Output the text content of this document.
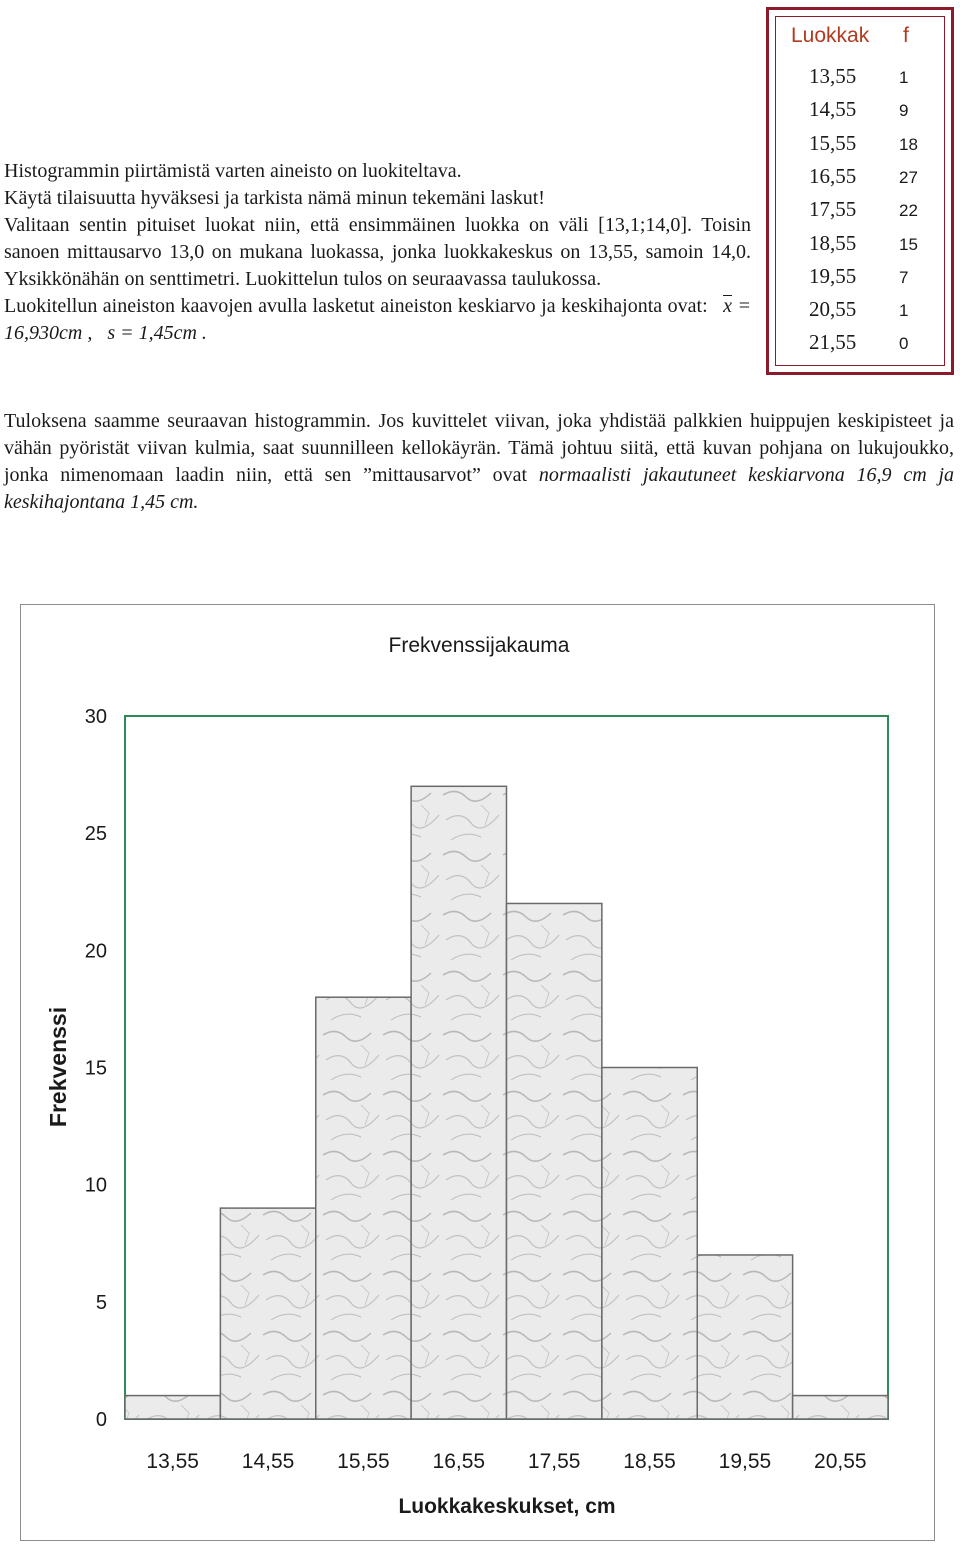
Histogrammin piirtämistä varten aineisto on luokiteltava.

Käytä tilaisuutta hyväksesi ja tarkista nämä minun tekemäni laskut!

Valitaan sentin pituiset luokat niin, että ensimmäinen luokka on väli [13,1;14,0]. Toisin sanoen mittausarvo 13,0 on mukana luokassa, jonka luokkakeskus on 13,55, samoin 14,0. Yksikkönähän on senttimetri. Luokittelun tulos on seuraavassa taulukossa.

Luokitellun aineiston kaavojen avulla lasketut aineiston keskiarvo ja keskihajonta ovat: x = 16,930cm , s = 1,45cm .

Luokkak f
13,55	1
14,55	9
15,55	18
16,55	27
17,55	22
18,55	15
19,55	7
20,55	1
21,55	0

Tuloksena saamme seuraavan histogrammin. Jos kuvittelet viivan, joka yhdistää palkkien huippujen keskipisteet ja vähän pyöristät viivan kulmia, saat suunnilleen kellokäyrän. Tämä johtuu siitä, että kuvan pohjana on lukujoukko, jonka nimenomaan laadin niin, että sen ”mittausarvot” ovat normaalisti jakautuneet keskiarvona 16,9 cm ja keskihajontana 1,45 cm.

Frekvenssijakauma
0
5
10
15
20
25
30
13,55 14,55 15,55 16,55 17,55 18,55 19,55 20,55
Frekvenssi
Luokkakeskukset, cm
